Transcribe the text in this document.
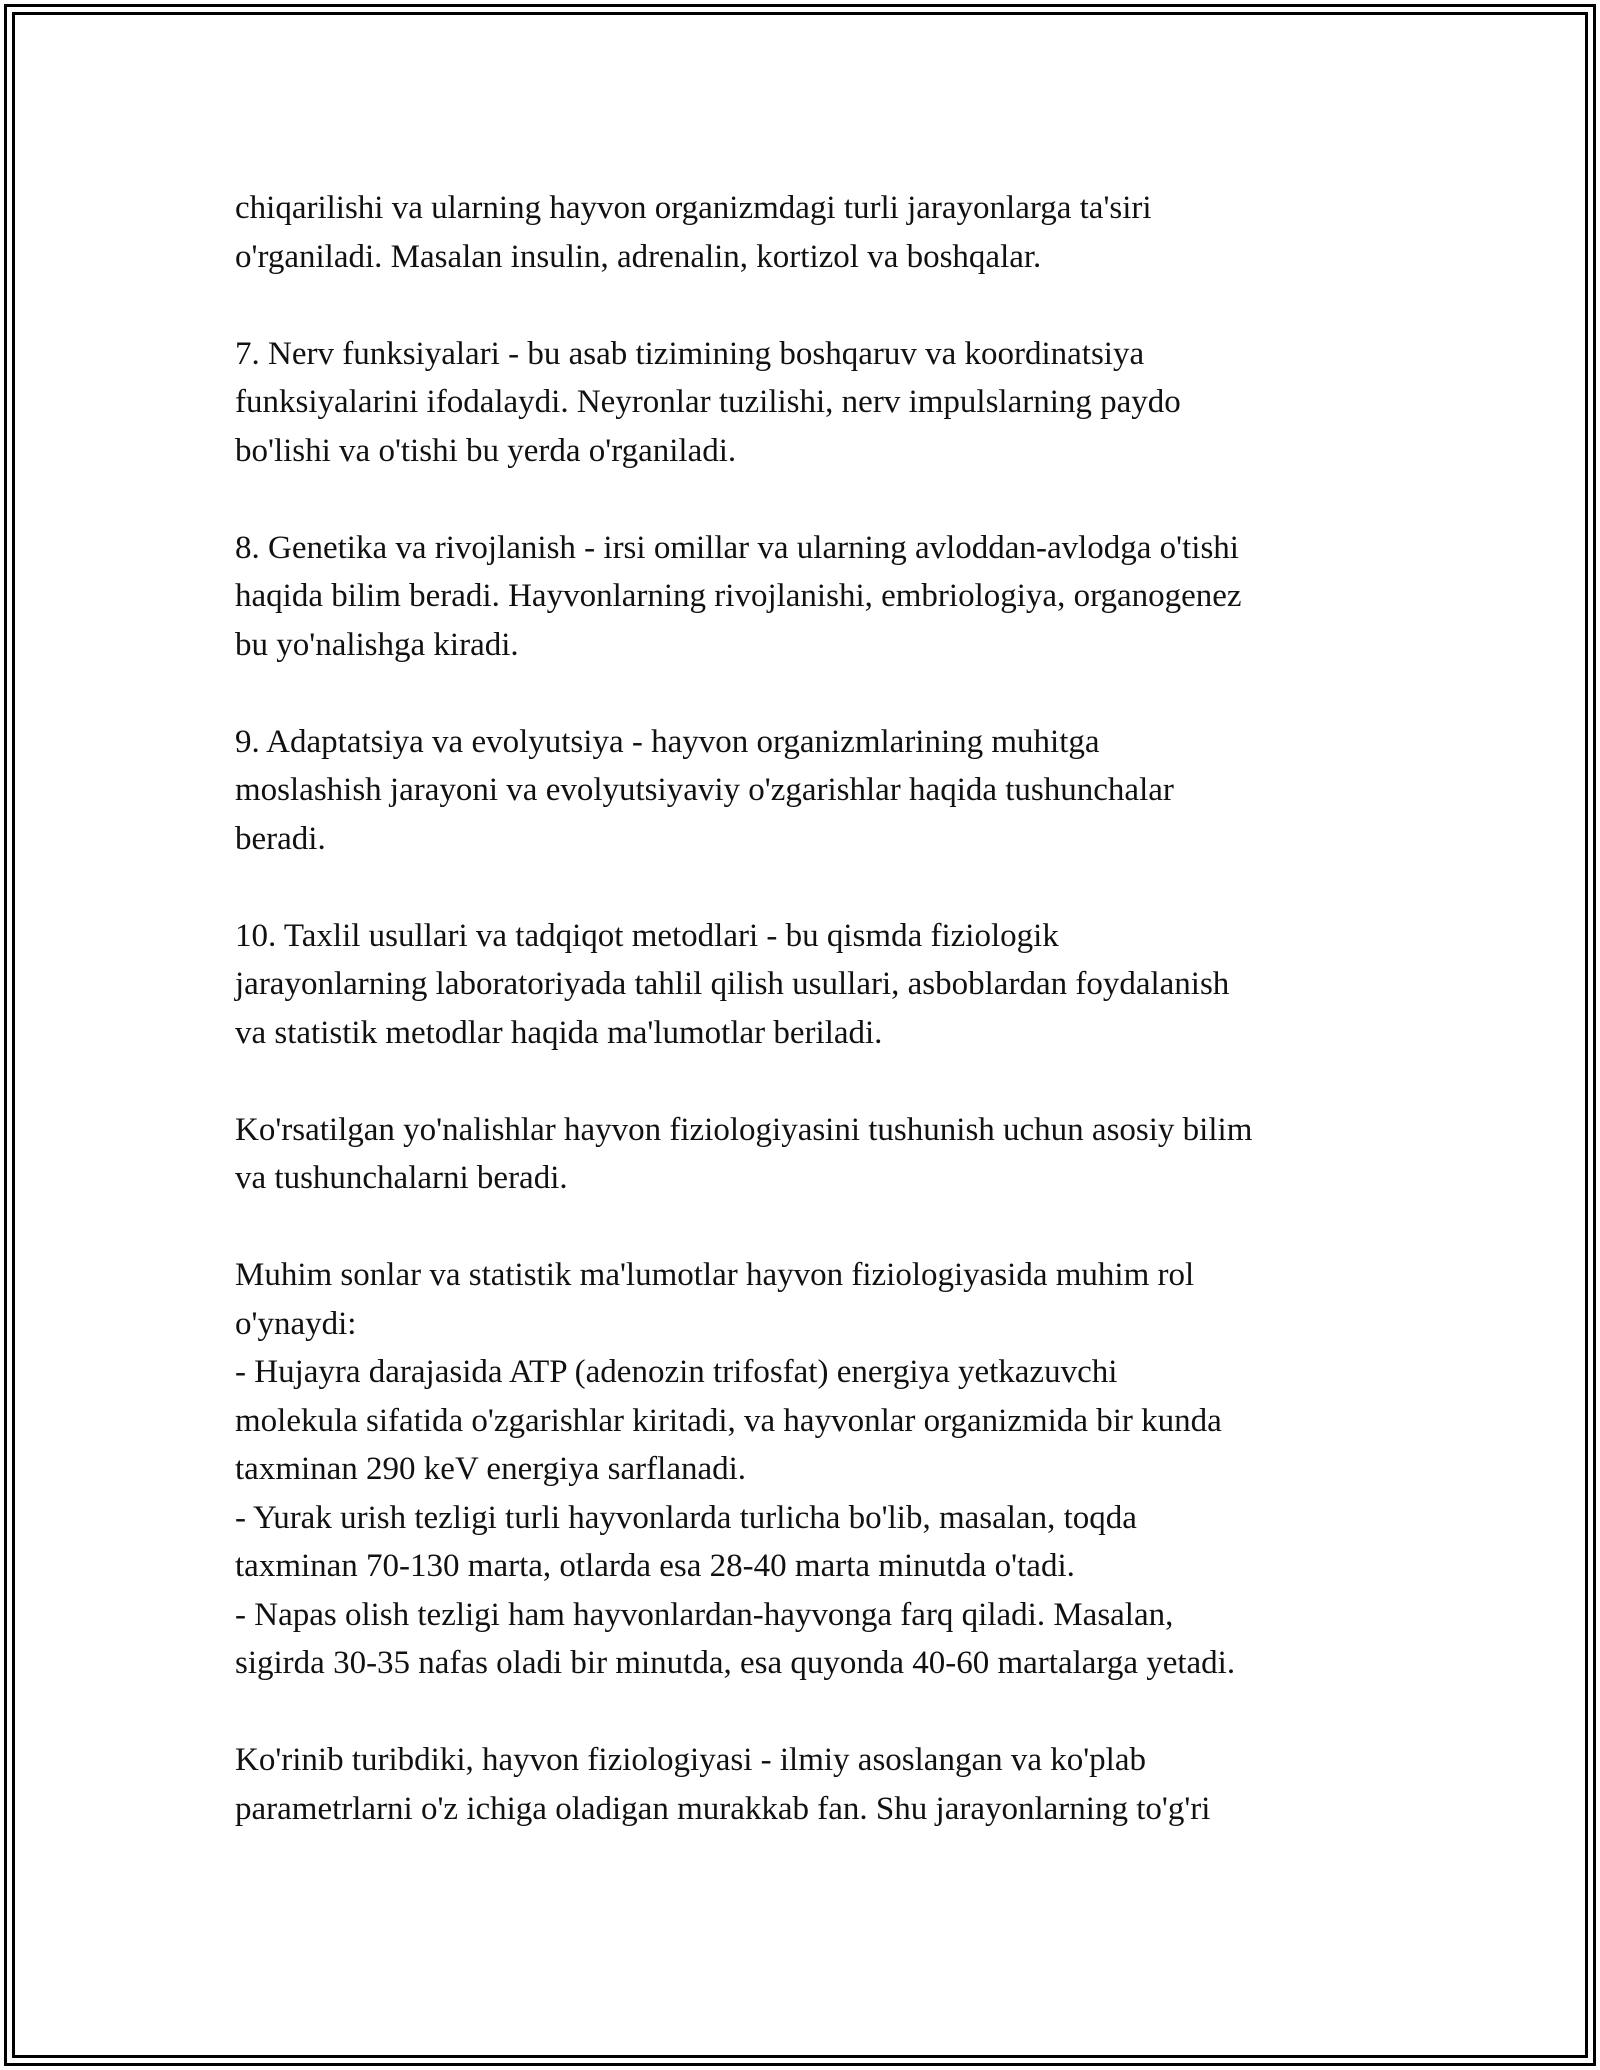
chiqarilishi va ularning hayvon organizmdagi turli jarayonlarga ta'siri
o'rganiladi. Masalan insulin, adrenalin, kortizol va boshqalar.

7. Nerv funksiyalari - bu asab tizimining boshqaruv va koordinatsiya
funksiyalarini ifodalaydi. Neyronlar tuzilishi, nerv impulslarning paydo
bo'lishi va o'tishi bu yerda o'rganiladi.

8. Genetika va rivojlanish - irsi omillar va ularning avloddan-avlodga o'tishi
haqida bilim beradi. Hayvonlarning rivojlanishi, embriologiya, organogenez
bu yo'nalishga kiradi.

9. Adaptatsiya va evolyutsiya - hayvon organizmlarining muhitga
moslashish jarayoni va evolyutsiyaviy o'zgarishlar haqida tushunchalar
beradi.

10. Taxlil usullari va tadqiqot metodlari - bu qismda fiziologik
jarayonlarning laboratoriyada tahlil qilish usullari, asboblardan foydalanish
va statistik metodlar haqida ma'lumotlar beriladi.

Ko'rsatilgan yo'nalishlar hayvon fiziologiyasini tushunish uchun asosiy bilim
va tushunchalarni beradi.

Muhim sonlar va statistik ma'lumotlar hayvon fiziologiyasida muhim rol
o'ynaydi:
- Hujayra darajasida ATP (adenozin trifosfat) energiya yetkazuvchi
molekula sifatida o'zgarishlar kiritadi, va hayvonlar organizmida bir kunda
taxminan 290 keV energiya sarflanadi.
- Yurak urish tezligi turli hayvonlarda turlicha bo'lib, masalan, toqda
taxminan 70-130 marta, otlarda esa 28-40 marta minutda o'tadi.
- Napas olish tezligi ham hayvonlardan-hayvonga farq qiladi. Masalan,
sigirda 30-35 nafas oladi bir minutda, esa quyonda 40-60 martalarga yetadi.

Ko'rinib turibdiki, hayvon fiziologiyasi - ilmiy asoslangan va ko'plab
parametrlarni o'z ichiga oladigan murakkab fan. Shu jarayonlarning to'g'ri
